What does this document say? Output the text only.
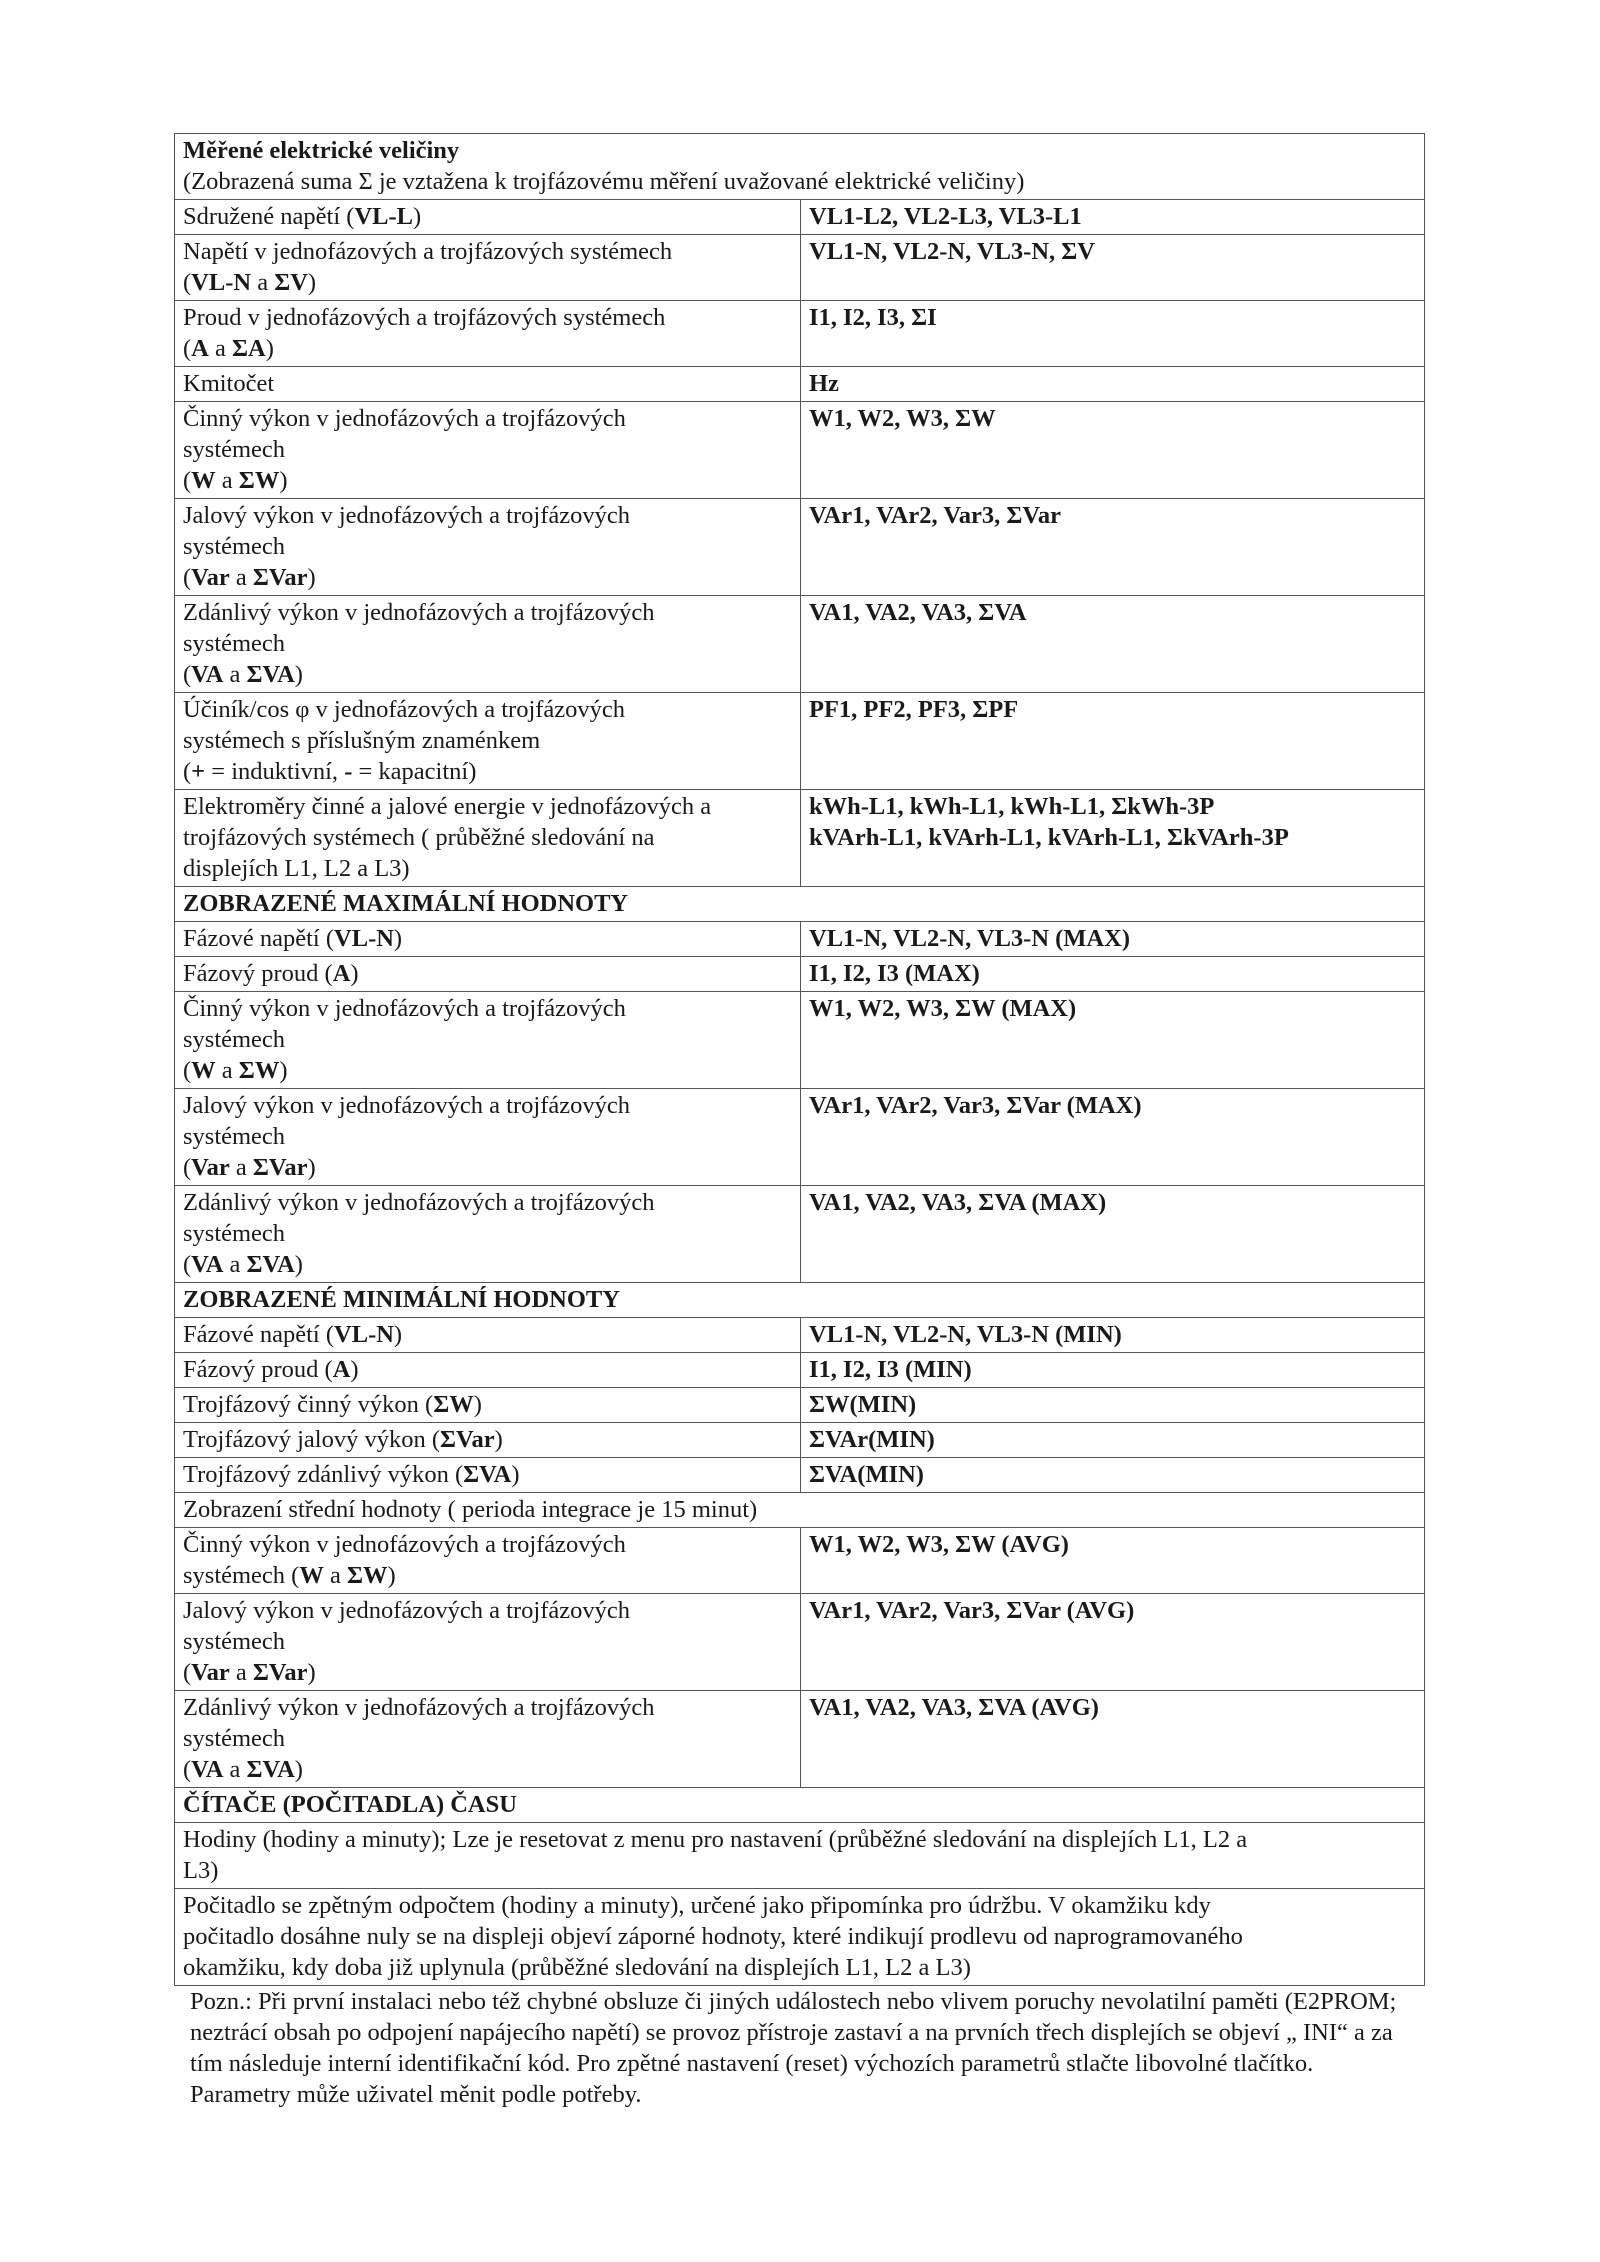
Měřené elektrické veličiny
(Zobrazená suma Σ je vztažena k trojfázovému měření uvažované elektrické veličiny)	

Sdružené napětí (VL-L)	VL1-L2, VL2-L3, VL3-L1
Napětí v jednofázových a trojfázových systémech
(VL-N a ΣV)	VL1-N, VL2-N, VL3-N, ΣV
Proud v jednofázových a trojfázových systémech
(A a ΣA)	I1, I2, I3, ΣI
Kmitočet	Hz
Činný výkon v jednofázových a trojfázových
systémech
(W a ΣW)	W1, W2, W3, ΣW
Jalový výkon v jednofázových a trojfázových
systémech
(Var a ΣVar)	VAr1, VAr2, Var3, ΣVar
Zdánlivý výkon v jednofázových a trojfázových
systémech
(VA a ΣVA)	VA1, VA2, VA3, ΣVA
Účiník/cos φ v jednofázových a trojfázových
systémech s příslušným znaménkem
(+ = induktivní, - = kapacitní)	PF1, PF2, PF3, ΣPF
Elektroměry činné a jalové energie v jednofázových a
trojfázových systémech ( průběžné sledování na
displejích L1, L2 a L3)	kWh-L1, kWh-L1, kWh-L1, ΣkWh-3P
kVArh-L1, kVArh-L1, kVArh-L1, ΣkVArh-3P
ZOBRAZENÉ MAXIMÁLNÍ HODNOTY	
Fázové napětí (VL-N)	VL1-N, VL2-N, VL3-N (MAX)
Fázový proud (A)	I1, I2, I3 (MAX)
Činný výkon v jednofázových a trojfázových
systémech
(W a ΣW)	W1, W2, W3, ΣW (MAX)
Jalový výkon v jednofázových a trojfázových
systémech
(Var a ΣVar)	VAr1, VAr2, Var3, ΣVar (MAX)
Zdánlivý výkon v jednofázových a trojfázových
systémech
(VA a ΣVA)	VA1, VA2, VA3, ΣVA (MAX)
ZOBRAZENÉ MINIMÁLNÍ HODNOTY	
Fázové napětí (VL-N)	VL1-N, VL2-N, VL3-N (MIN)
Fázový proud (A)	I1, I2, I3 (MIN)
Trojfázový činný výkon (ΣW)	ΣW(MIN)
Trojfázový jalový výkon (ΣVar)	ΣVAr(MIN)
Trojfázový zdánlivý výkon (ΣVA)	ΣVA(MIN)
Zobrazení střední hodnoty ( perioda integrace je 15 minut)	
Činný výkon v jednofázových a trojfázových
systémech (W a ΣW)	W1, W2, W3, ΣW (AVG)
Jalový výkon v jednofázových a trojfázových
systémech
(Var a ΣVar)	VAr1, VAr2, Var3, ΣVar (AVG)
Zdánlivý výkon v jednofázových a trojfázových
systémech
(VA a ΣVA)	VA1, VA2, VA3, ΣVA (AVG)
ČÍTAČE (POČITADLA) ČASU	
Hodiny (hodiny a minuty); Lze je resetovat z menu pro nastavení (průběžné sledování na displejích L1, L2 a
L3)	
Počitadlo se zpětným odpočtem (hodiny a minuty), určené jako připomínka pro údržbu. V okamžiku kdy
počitadlo dosáhne nuly se na displeji objeví záporné hodnoty, které indikují prodlevu od naprogramovaného
okamžiku, kdy doba již uplynula (průběžné sledování na displejích L1, L2 a L3)	

Pozn.: Při první instalaci nebo též chybné obsluze či jiných událostech nebo vlivem poruchy nevolatilní paměti (E2PROM; neztrácí obsah po odpojení napájecího napětí) se provoz přístroje zastaví a na prvních třech displejích se objeví „ INI“ a za tím následuje interní identifikační kód. Pro zpětné nastavení (reset) výchozích parametrů stlačte libovolné tlačítko. Parametry může uživatel měnit podle potřeby.
